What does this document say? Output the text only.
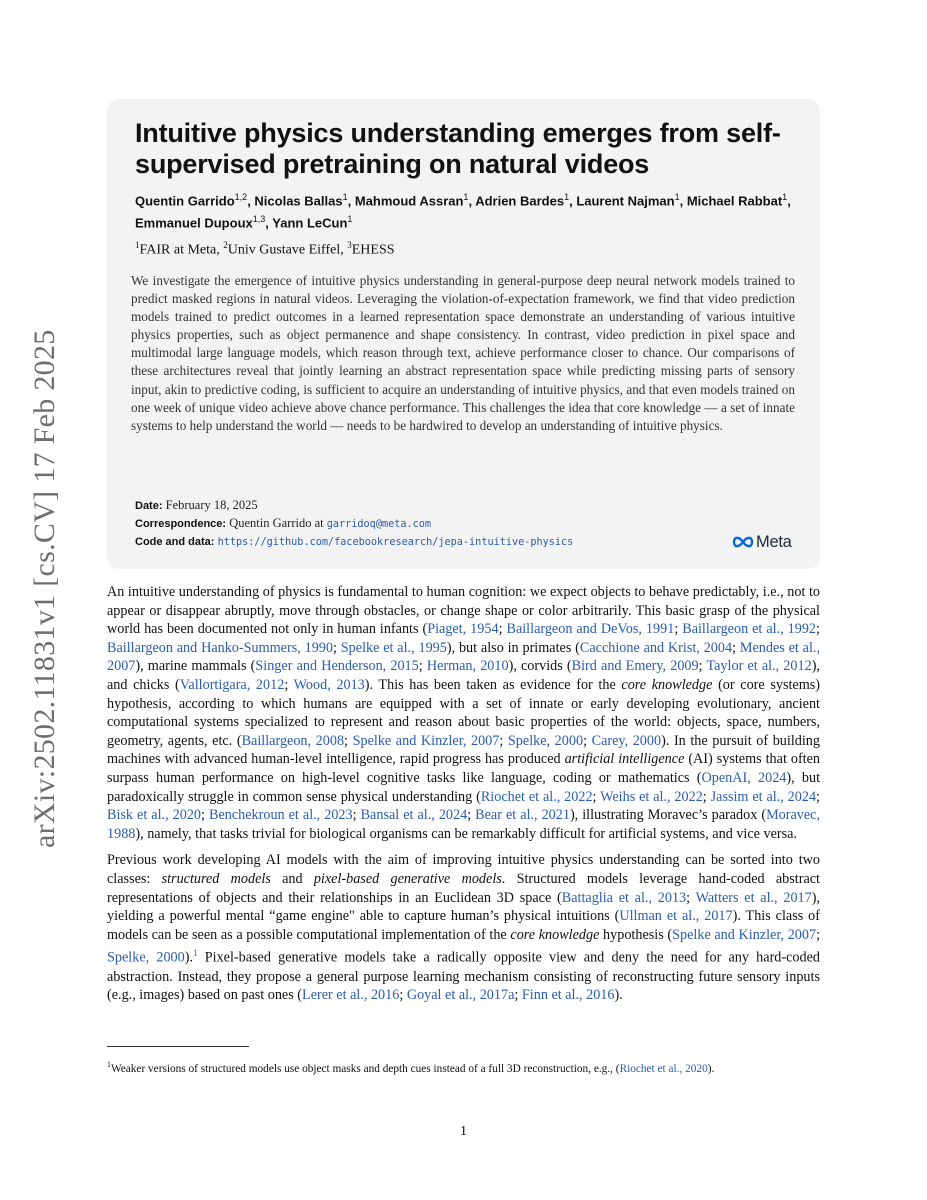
arXiv:2502.11831v1 [cs.CV] 17 Feb 2025
Intuitive physics understanding emerges from self-supervised pretraining on natural videos
Quentin Garrido$^{1,2}$, Nicolas Ballas$^1$, Mahmoud Assran$^1$, Adrien Bardes$^1$, Laurent Najman$^1$, Michael Rabbat$^1$, Emmanuel Dupoux$^{1,3}$, Yann LeCun$^1$
$^1$FAIR at Meta, $^2$Univ Gustave Eiffel, $^3$EHESS
We investigate the emergence of intuitive physics understanding in general-purpose deep neural network models trained to predict masked regions in natural videos. Leveraging the violation-of-expectation framework, we find that video prediction models trained to predict outcomes in a learned representation space demonstrate an understanding of various intuitive physics properties, such as object permanence and shape consistency. In contrast, video prediction in pixel space and multimodal large language models, which reason through text, achieve performance closer to chance. Our comparisons of these architectures reveal that jointly learning an abstract representation space while predicting missing parts of sensory input, akin to predictive coding, is sufficient to acquire an understanding of intuitive physics, and that even models trained on one week of unique video achieve above chance performance. This challenges the idea that core knowledge — a set of innate systems to help understand the world — needs to be hardwired to develop an understanding of intuitive physics.
Date: February 18, 2025
Correspondence: Quentin Garrido at garridoq@meta.com
Code and data: https://github.com/facebookresearch/jepa-intuitive-physics	Meta

An intuitive understanding of physics is fundamental to human cognition: we expect objects to behave predictably, i.e., not to appear or disappear abruptly, move through obstacles, or change shape or color arbitrarily. This basic grasp of the physical world has been documented not only in human infants (Piaget, 1954; Baillargeon and DeVos, 1991; Baillargeon et al., 1992; Baillargeon and Hanko-Summers, 1990; Spelke et al., 1995), but also in primates (Cacchione and Krist, 2004; Mendes et al., 2007), marine mammals (Singer and Henderson, 2015; Herman, 2010), corvids (Bird and Emery, 2009; Taylor et al., 2012), and chicks (Vallortigara, 2012; Wood, 2013). This has been taken as evidence for the core knowledge (or core systems) hypothesis, according to which humans are equipped with a set of innate or early developing evolutionary, ancient computational systems specialized to represent and reason about basic properties of the world: objects, space, numbers, geometry, agents, etc. (Baillargeon, 2008; Spelke and Kinzler, 2007; Spelke, 2000; Carey, 2000). In the pursuit of building machines with advanced human-level intelligence, rapid progress has produced artificial intelligence (AI) systems that often surpass human performance on high-level cognitive tasks like language, coding or mathematics (OpenAI, 2024), but paradoxically struggle in common sense physical understanding (Riochet et al., 2022; Weihs et al., 2022; Jassim et al., 2024; Bisk et al., 2020; Benchekroun et al., 2023; Bansal et al., 2024; Bear et al., 2021), illustrating Moravec’s paradox (Moravec, 1988), namely, that tasks trivial for biological organisms can be remarkably difficult for artificial systems, and vice versa.

Previous work developing AI models with the aim of improving intuitive physics understanding can be sorted into two classes: structured models and pixel-based generative models. Structured models leverage hand-coded abstract representations of objects and their relationships in an Euclidean 3D space (Battaglia et al., 2013; Watters et al., 2017), yielding a powerful mental “game engine" able to capture human’s physical intuitions (Ullman et al., 2017). This class of models can be seen as a possible computational implementation of the core knowledge hypothesis (Spelke and Kinzler, 2007; Spelke, 2000).$^1$ Pixel-based generative models take a radically opposite view and deny the need for any hard-coded abstraction. Instead, they propose a general purpose learning mechanism consisting of reconstructing future sensory inputs (e.g., images) based on past ones (Lerer et al., 2016; Goyal et al., 2017a; Finn et al., 2016).

$^1$Weaker versions of structured models use object masks and depth cues instead of a full 3D reconstruction, e.g., (Riochet et al., 2020).
1
